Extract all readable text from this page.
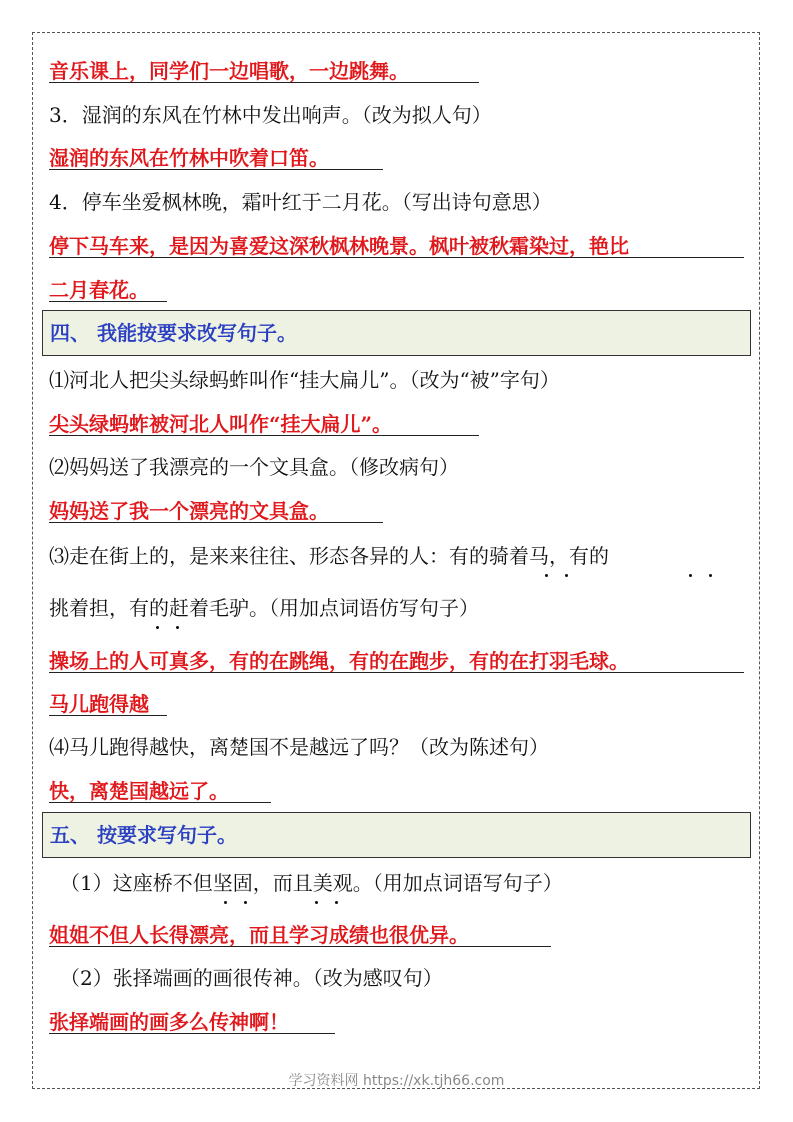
音乐课上，同学们一边唱歌，一边跳舞。
3．湿润的东风在竹林中发出响声。（改为拟人句）
湿润的东风在竹林中吹着口笛。
4．停车坐爱枫林晚，霜叶红于二月花。（写出诗句意思）
停下马车来，是因为喜爱这深秋枫林晚景。枫叶被秋霜染过，艳比
二月春花。
四、 我能按要求改写句子。
⑴河北人把尖头绿蚂蚱叫作“挂大扁儿”。（改为“被”字句）
尖头绿蚂蚱被河北人叫作“挂大扁儿”。
⑵妈妈送了我漂亮的一个文具盒。（修改病句）
妈妈送了我一个漂亮的文具盒。
⑶走在街上的，是来来往往、形态各异的人：有的骑着马，有的
挑着担，有的赶着毛驴。（用加点词语仿写句子）
操场上的人可真多，有的在跳绳，有的在跑步，有的在打羽毛球。
马儿跑得越
⑷马儿跑得越快，离楚国不是越远了吗？（改为陈述句）
快，离楚国越远了。
五、 按要求写句子。
（1）这座桥不但坚固，而且美观。（用加点词语写句子）
姐姐不但人长得漂亮，而且学习成绩也很优异。
（2）张择端画的画很传神。（改为感叹句）
张择端画的画多么传神啊！
学习资料网 https://xk.tjh66.com
